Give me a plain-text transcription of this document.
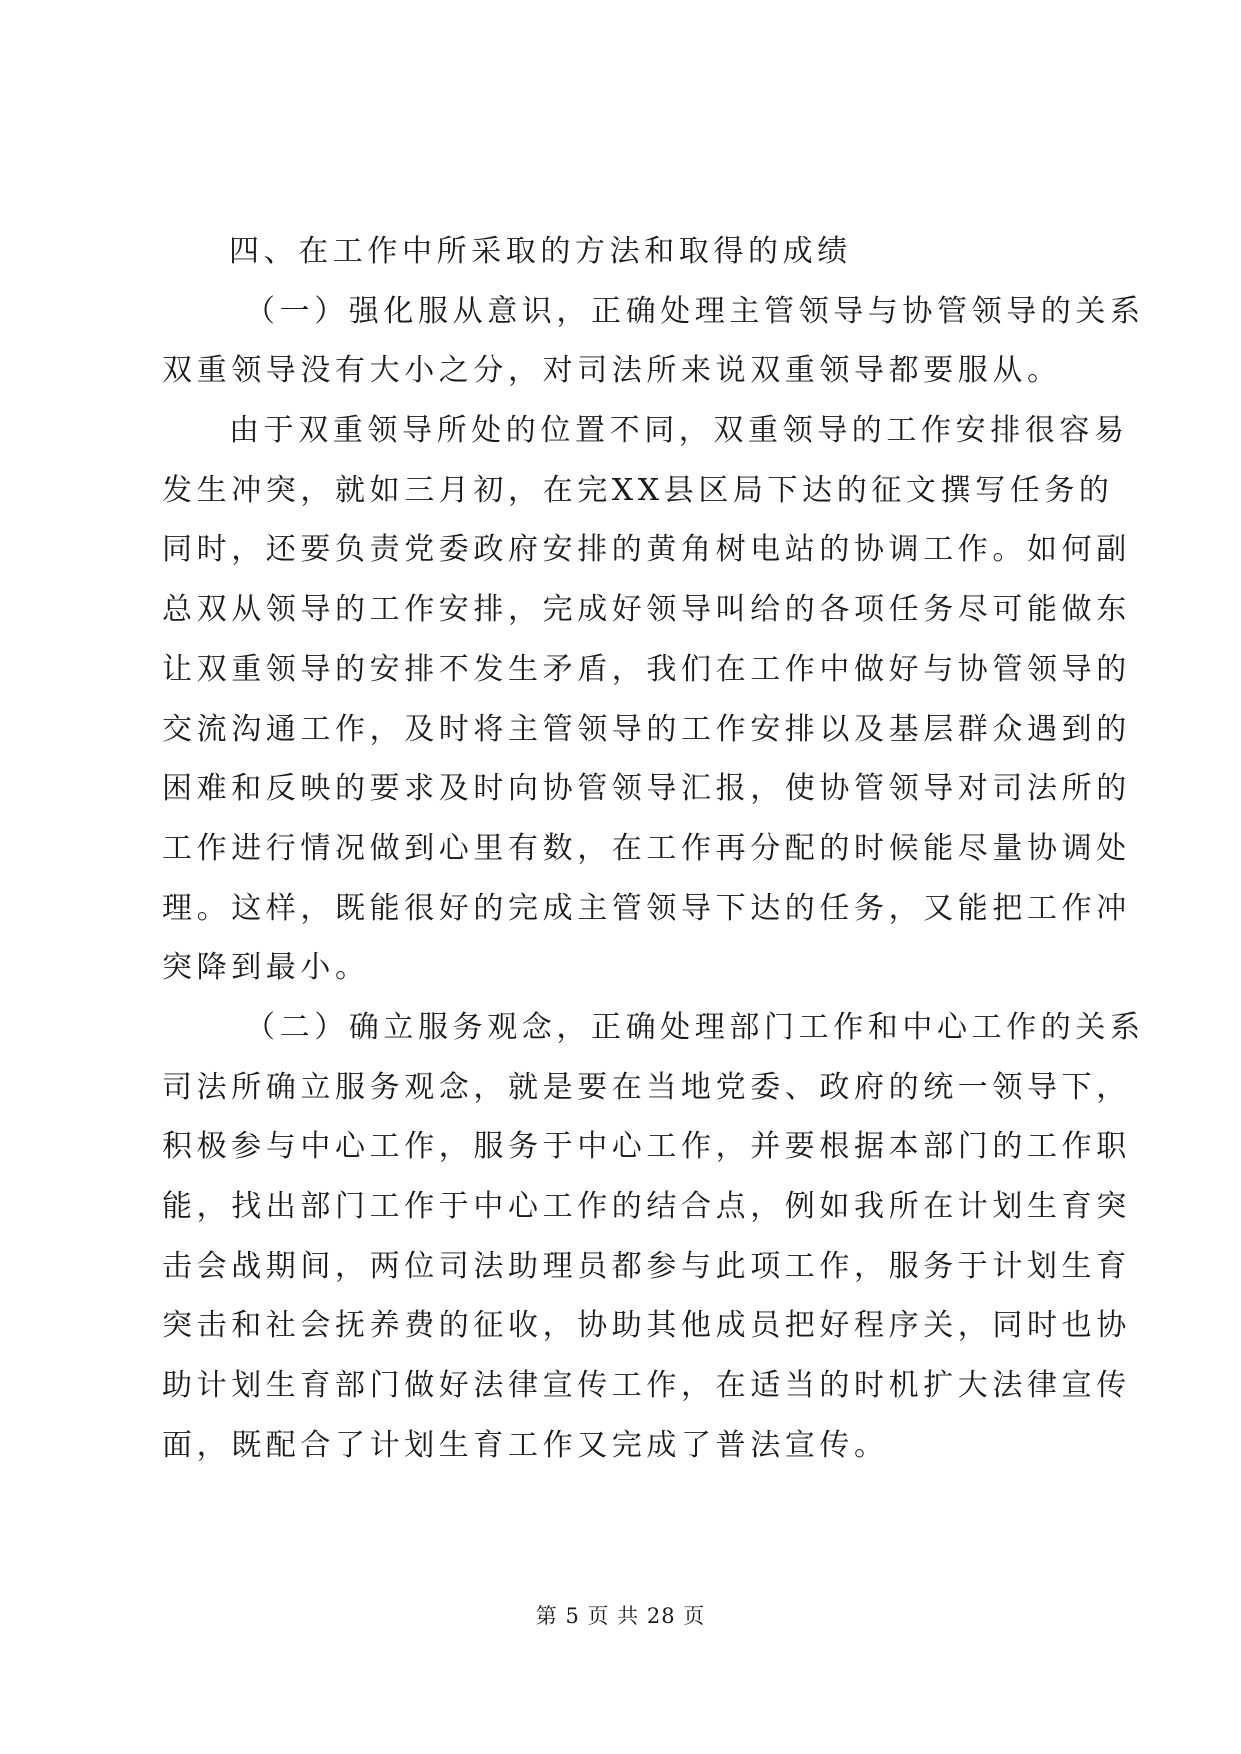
四、在工作中所采取的方法和取得的成绩
（一）强化服从意识，正确处理主管领导与协管领导的关系
双重领导没有大小之分，对司法所来说双重领导都要服从。
由于双重领导所处的位置不同，双重领导的工作安排很容易
发生冲突，就如三月初，在完XX县区局下达的征文撰写任务的
同时，还要负责党委政府安排的黄角树电站的协调工作。如何副
总双从领导的工作安排，完成好领导叫给的各项任务尽可能做东
让双重领导的安排不发生矛盾，我们在工作中做好与协管领导的
交流沟通工作，及时将主管领导的工作安排以及基层群众遇到的
困难和反映的要求及时向协管领导汇报，使协管领导对司法所的
工作进行情况做到心里有数，在工作再分配的时候能尽量协调处
理。这样，既能很好的完成主管领导下达的任务，又能把工作冲
突降到最小。
（二）确立服务观念，正确处理部门工作和中心工作的关系
司法所确立服务观念，就是要在当地党委、政府的统一领导下，
积极参与中心工作，服务于中心工作，并要根据本部门的工作职
能，找出部门工作于中心工作的结合点，例如我所在计划生育突
击会战期间，两位司法助理员都参与此项工作，服务于计划生育
突击和社会抚养费的征收，协助其他成员把好程序关，同时也协
助计划生育部门做好法律宣传工作，在适当的时机扩大法律宣传
面，既配合了计划生育工作又完成了普法宣传。
第 5 页 共 28 页
